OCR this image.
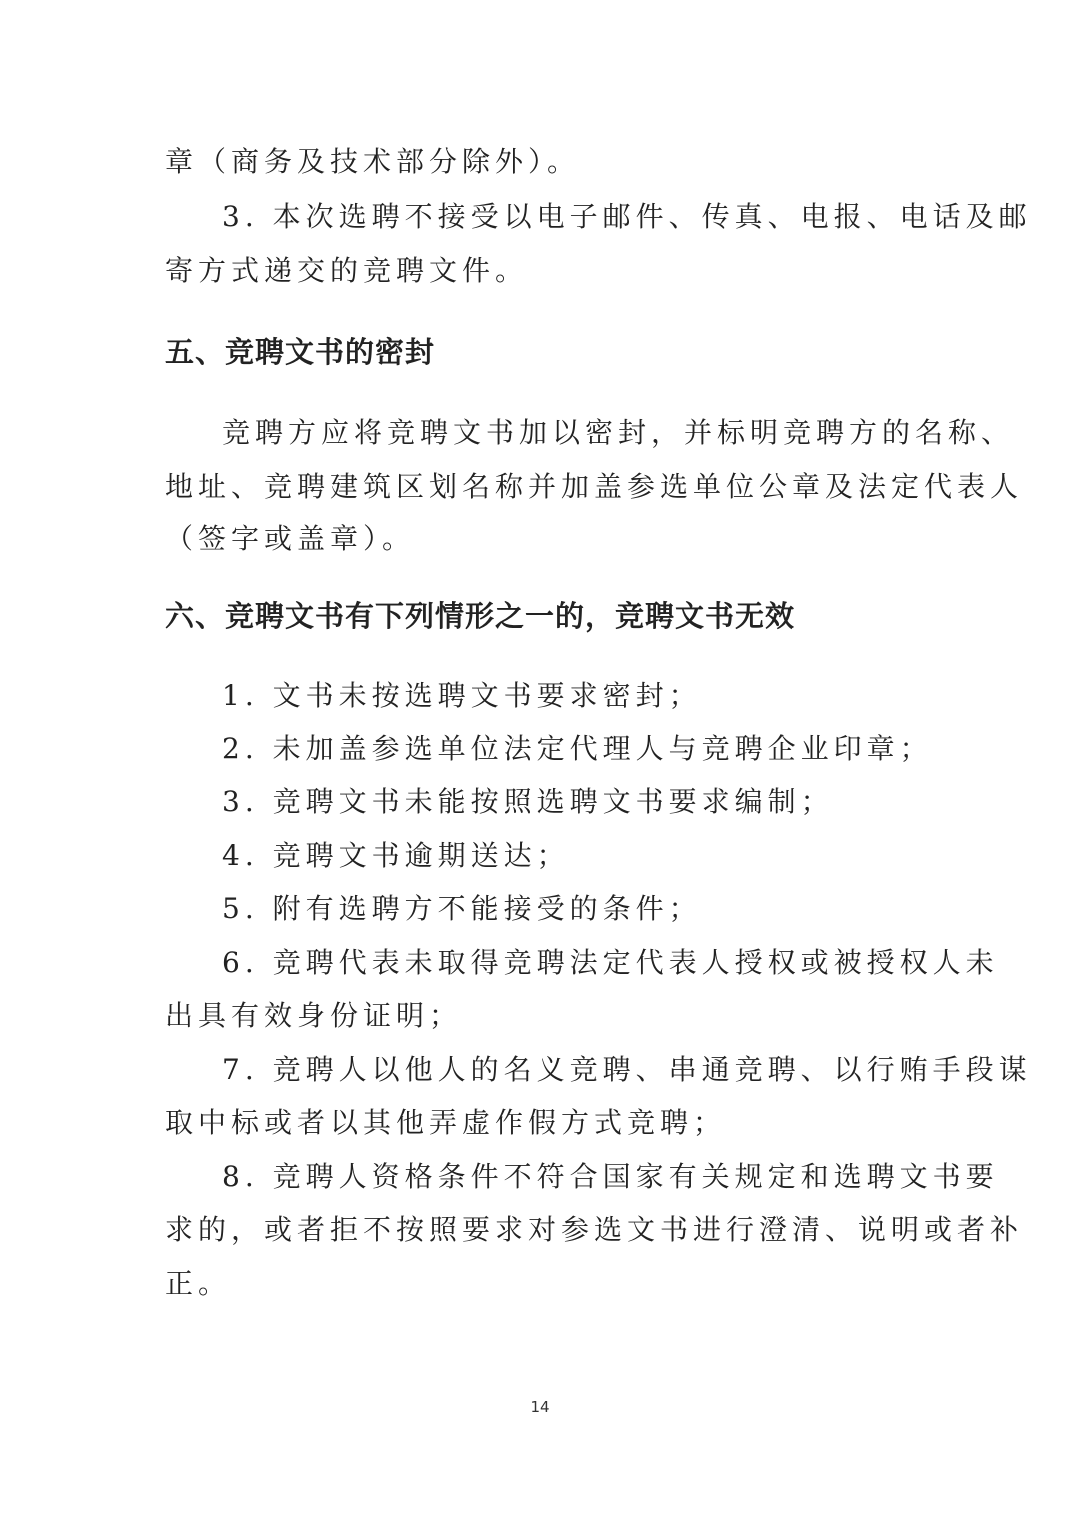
章（商务及技术部分除外）。
3. 本次选聘不接受以电子邮件、传真、电报、电话及邮
寄方式递交的竞聘文件。
五、竞聘文书的密封
竞聘方应将竞聘文书加以密封，并标明竞聘方的名称、
地址、竞聘建筑区划名称并加盖参选单位公章及法定代表人
（签字或盖章）。
六、竞聘文书有下列情形之一的，竞聘文书无效
1. 文书未按选聘文书要求密封；
2. 未加盖参选单位法定代理人与竞聘企业印章；
3. 竞聘文书未能按照选聘文书要求编制；
4. 竞聘文书逾期送达；
5. 附有选聘方不能接受的条件；
6. 竞聘代表未取得竞聘法定代表人授权或被授权人未
出具有效身份证明；
7. 竞聘人以他人的名义竞聘、串通竞聘、以行贿手段谋
取中标或者以其他弄虚作假方式竞聘；
8. 竞聘人资格条件不符合国家有关规定和选聘文书要
求的，或者拒不按照要求对参选文书进行澄清、说明或者补
正。
14
